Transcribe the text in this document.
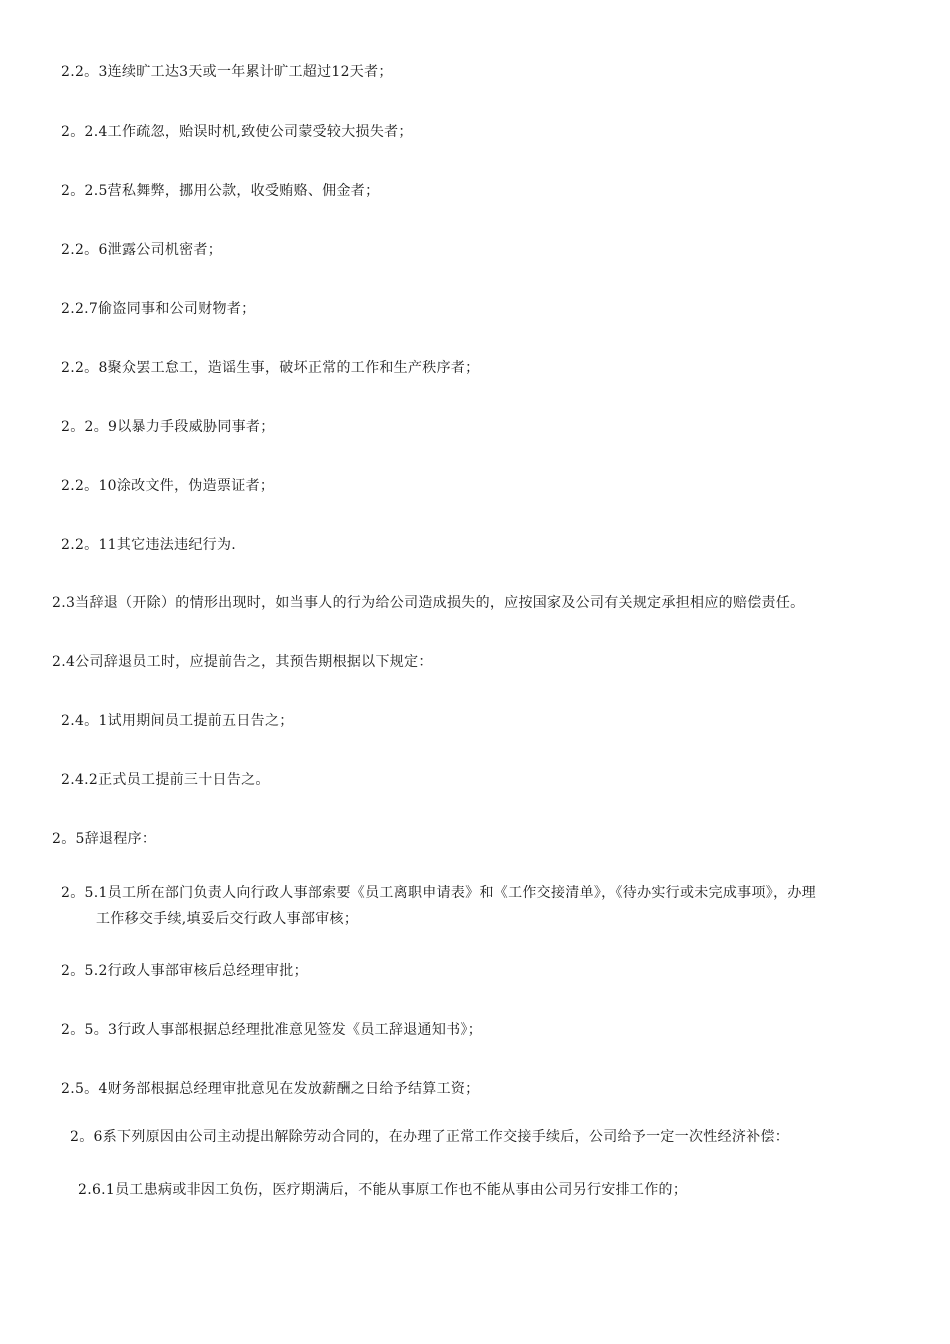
2.2。3连续旷工达3天或一年累计旷工超过12天者；
2。2.4工作疏忽，贻误时机,致使公司蒙受较大损失者；
2。2.5营私舞弊，挪用公款，收受贿赂、佣金者；
2.2。6泄露公司机密者；
2.2.7偷盗同事和公司财物者；
2.2。8聚众罢工怠工，造谣生事，破坏正常的工作和生产秩序者；
2。2。9以暴力手段威胁同事者；
2.2。10涂改文件，伪造票证者；
2.2。11其它违法违纪行为.
2.3当辞退（开除）的情形出现时，如当事人的行为给公司造成损失的，应按国家及公司有关规定承担相应的赔偿责任。
2.4公司辞退员工时，应提前告之，其预告期根据以下规定：
2.4。1试用期间员工提前五日告之；
2.4.2正式员工提前三十日告之。
2。5辞退程序：
2。5.1员工所在部门负责人向行政人事部索要《员工离职申请表》和《工作交接清单》，《待办实行或未完成事项》，办理
工作移交手续,填妥后交行政人事部审核；
2。5.2行政人事部审核后总经理审批；
2。5。3行政人事部根据总经理批准意见签发《员工辞退通知书》；
2.5。4财务部根据总经理审批意见在发放薪酬之日给予结算工资；
2。6系下列原因由公司主动提出解除劳动合同的，在办理了正常工作交接手续后，公司给予一定一次性经济补偿：
2.6.1员工患病或非因工负伤，医疗期满后，不能从事原工作也不能从事由公司另行安排工作的；
